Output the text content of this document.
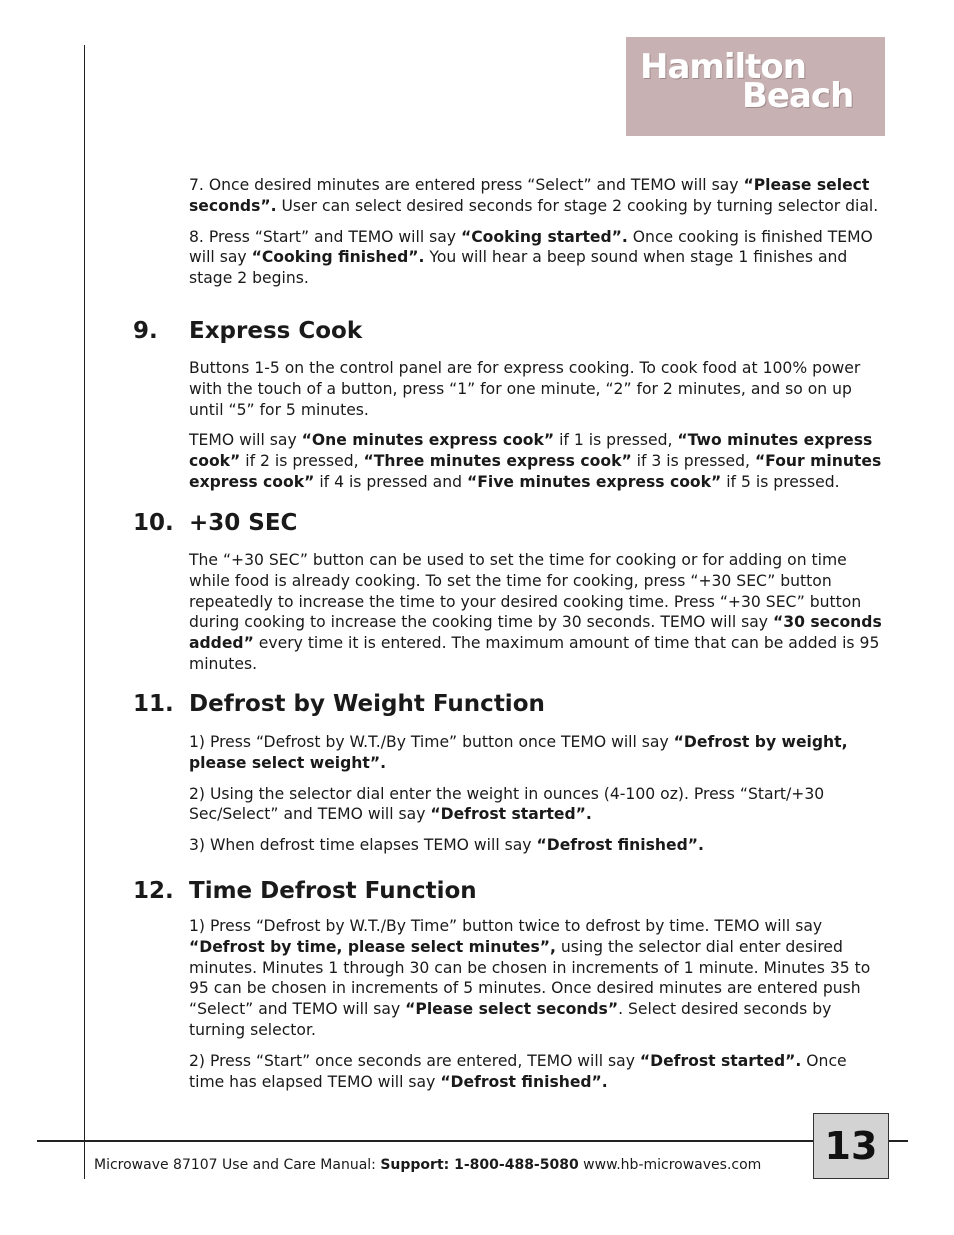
Hamilton
Beach

7. Once desired minutes are entered press “Select” and TEMO will say “Please select seconds”. User can select desired seconds for stage 2 cooking by turning selector dial.

8. Press “Start” and TEMO will say “Cooking started”. Once cooking is finished TEMO will say “Cooking finished”. You will hear a beep sound when stage 1 finishes and stage 2 begins.

9. Express Cook

Buttons 1-5 on the control panel are for express cooking. To cook food at 100% power with the touch of a button, press “1” for one minute, “2” for 2 minutes, and so on up until “5” for 5 minutes.

TEMO will say “One minutes express cook” if 1 is pressed, “Two minutes express cook” if 2 is pressed, “Three minutes express cook” if 3 is pressed, “Four minutes express cook” if 4 is pressed and “Five minutes express cook” if 5 is pressed.

10. +30 SEC

The “+30 SEC” button can be used to set the time for cooking or for adding on time while food is already cooking. To set the time for cooking, press “+30 SEC” button repeatedly to increase the time to your desired cooking time. Press “+30 SEC” button during cooking to increase the cooking time by 30 seconds. TEMO will say “30 seconds added” every time it is entered. The maximum amount of time that can be added is 95 minutes.

11. Defrost by Weight Function

1) Press “Defrost by W.T./By Time” button once TEMO will say “Defrost by weight, please select weight”.

2) Using the selector dial enter the weight in ounces (4-100 oz). Press “Start/+30 Sec/Select” and TEMO will say “Defrost started”.

3) When defrost time elapses TEMO will say “Defrost finished”.

12. Time Defrost Function

1) Press “Defrost by W.T./By Time” button twice to defrost by time. TEMO will say “Defrost by time, please select minutes”, using the selector dial enter desired minutes. Minutes 1 through 30 can be chosen in increments of 1 minute. Minutes 35 to 95 can be chosen in increments of 5 minutes. Once desired minutes are entered push “Select” and TEMO will say “Please select seconds”. Select desired seconds by turning selector.

2) Press “Start” once seconds are entered, TEMO will say “Defrost started”. Once time has elapsed TEMO will say “Defrost finished”.

Microwave 87107 Use and Care Manual: Support: 1-800-488-5080 www.hb-microwaves.com	13
